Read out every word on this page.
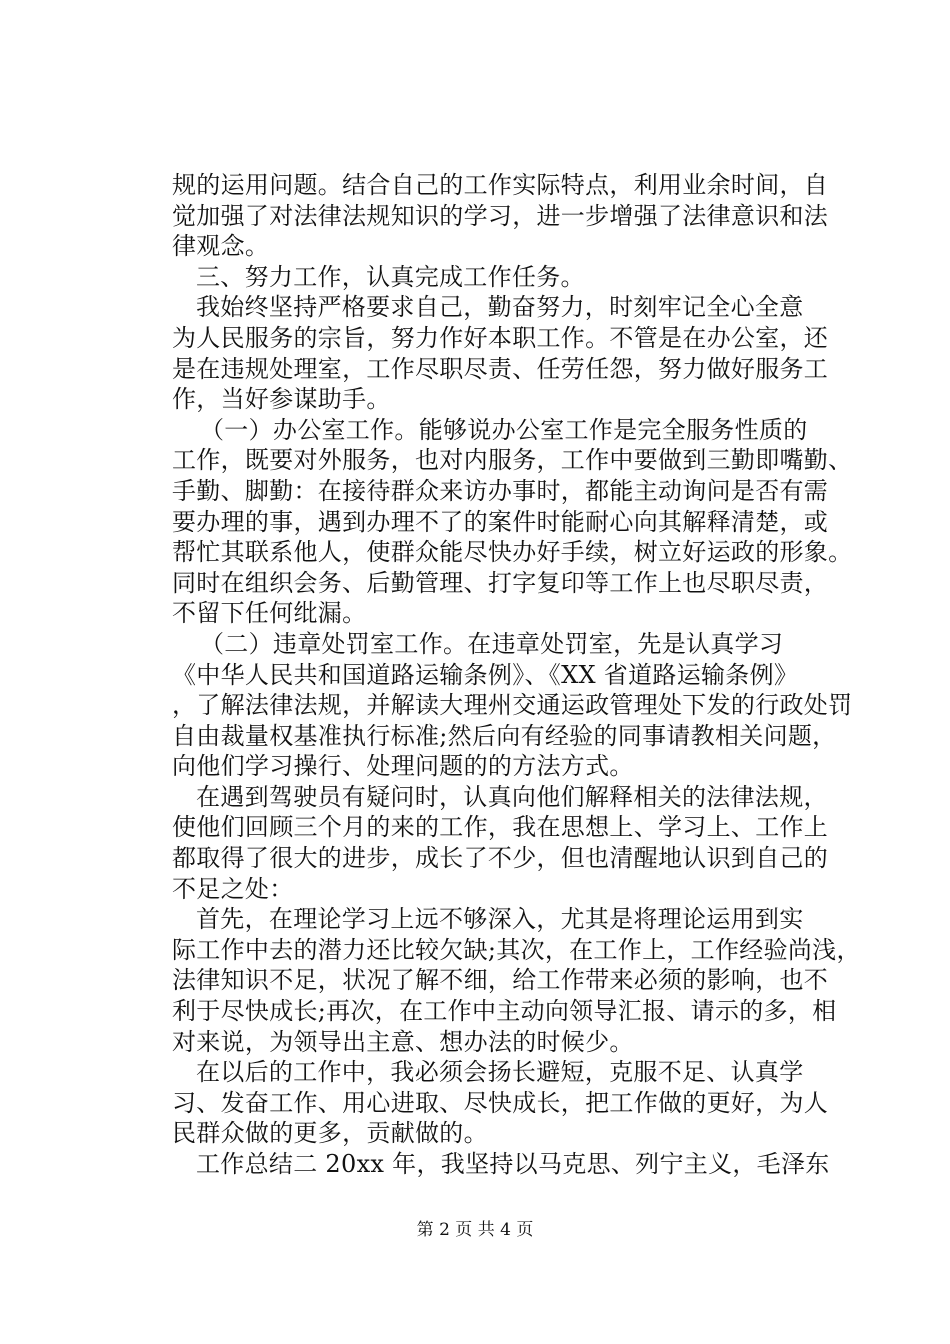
规的运用问题。结合自己的工作实际特点，利用业余时间，自
觉加强了对法律法规知识的学习，进一步增强了法律意识和法
律观念。
三、努力工作，认真完成工作任务。
我始终坚持严格要求自己，勤奋努力，时刻牢记全心全意
为人民服务的宗旨，努力作好本职工作。不管是在办公室，还
是在违规处理室，工作尽职尽责、任劳任怨，努力做好服务工
作，当好参谋助手。
（一）办公室工作。能够说办公室工作是完全服务性质的
工作，既要对外服务，也对内服务，工作中要做到三勤即嘴勤、
手勤、脚勤：在接待群众来访办事时，都能主动询问是否有需
要办理的事，遇到办理不了的案件时能耐心向其解释清楚，或
帮忙其联系他人，使群众能尽快办好手续，树立好运政的形象。
同时在组织会务、后勤管理、打字复印等工作上也尽职尽责，
不留下任何纰漏。
（二）违章处罚室工作。在违章处罚室，先是认真学习
《中华人民共和国道路运输条例》、《XX 省道路运输条例》
，了解法律法规，并解读大理州交通运政管理处下发的行政处罚
自由裁量权基准执行标准;然后向有经验的同事请教相关问题，
向他们学习操行、处理问题的的方法方式。
在遇到驾驶员有疑问时，认真向他们解释相关的法律法规，
使他们回顾三个月的来的工作，我在思想上、学习上、工作上
都取得了很大的进步，成长了不少，但也清醒地认识到自己的
不足之处：
首先，在理论学习上远不够深入，尤其是将理论运用到实
际工作中去的潜力还比较欠缺;其次，在工作上，工作经验尚浅，
法律知识不足，状况了解不细，给工作带来必须的影响，也不
利于尽快成长;再次，在工作中主动向领导汇报、请示的多，相
对来说，为领导出主意、想办法的时候少。
在以后的工作中，我必须会扬长避短，克服不足、认真学
习、发奋工作、用心进取、尽快成长，把工作做的更好，为人
民群众做的更多，贡献做的。
工作总结二 20xx 年，我坚持以马克思、列宁主义，毛泽东
第 2 页 共 4 页
